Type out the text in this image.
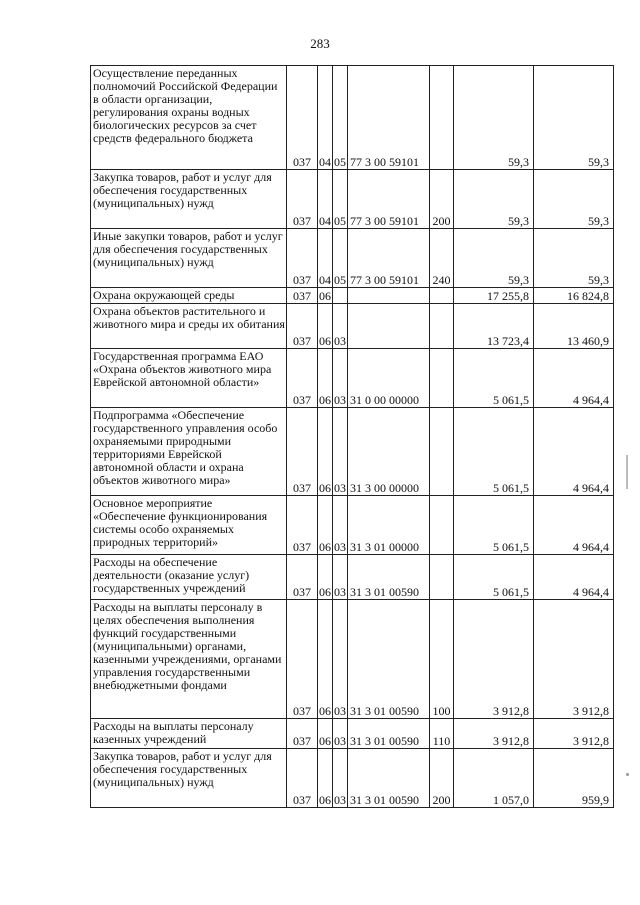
283
Осуществление переданных полномочий Российской Федерации в области организации, регулирования охраны водных биологических ресурсов за счет средств федерального бюджета	037	04	05	77 3 00 59101		59,3	59,3
Закупка товаров, работ и услуг для обеспечения государственных (муниципальных) нужд	037	04	05	77 3 00 59101	200	59,3	59,3
Иные закупки товаров, работ и услуг для обеспечения государственных (муниципальных) нужд	037	04	05	77 3 00 59101	240	59,3	59,3
Охрана окружающей среды	037	06				17 255,8	16 824,8
Охрана объектов растительного и животного мира и среды их обитания	037	06	03			13 723,4	13 460,9
Государственная программа ЕАО «Охрана объектов животного мира Еврейской автономной области»	037	06	03	31 0 00 00000		5 061,5	4 964,4
Подпрограмма «Обеспечение государственного управления особо охраняемыми природными территориями Еврейской автономной области и охрана объектов животного мира»	037	06	03	31 3 00 00000		5 061,5	4 964,4
Основное мероприятие «Обеспечение функционирования системы особо охраняемых природных территорий»	037	06	03	31 3 01 00000		5 061,5	4 964,4
Расходы на обеспечение деятельности (оказание услуг) государственных учреждений	037	06	03	31 3 01 00590		5 061,5	4 964,4
Расходы на выплаты персоналу в целях обеспечения выполнения функций государственными (муниципальными) органами, казенными учреждениями, органами управления государственными внебюджетными фондами	037	06	03	31 3 01 00590	100	3 912,8	3 912,8
Расходы на выплаты персоналу казенных учреждений	037	06	03	31 3 01 00590	110	3 912,8	3 912,8
Закупка товаров, работ и услуг для обеспечения государственных (муниципальных) нужд	037	06	03	31 3 01 00590	200	1 057,0	959,9
